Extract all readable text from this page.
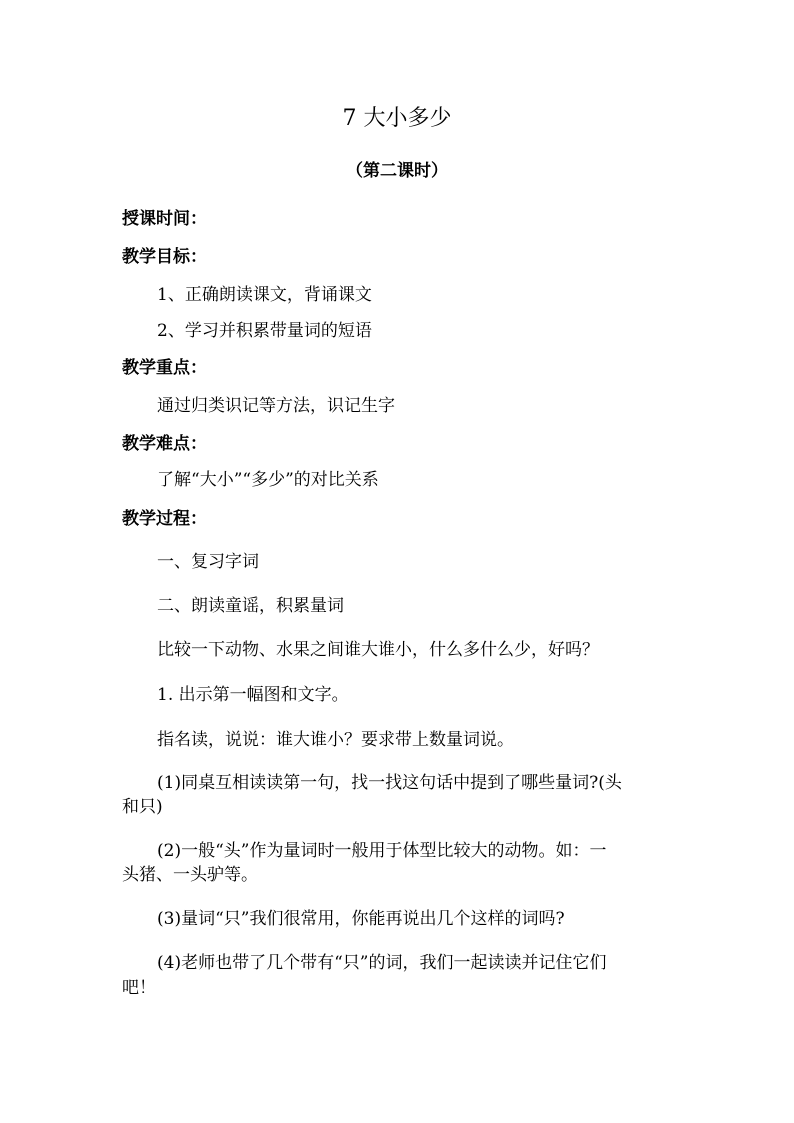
7 大小多少
（第二课时）
授课时间：
教学目标：
1、正确朗读课文，背诵课文
2、学习并积累带量词的短语
教学重点：
通过归类识记等方法，识记生字
教学难点：
了解“大小”“多少”的对比关系
教学过程：
一、复习字词
二、朗读童谣，积累量词
比较一下动物、水果之间谁大谁小，什么多什么少，好吗？
1. 出示第一幅图和文字。
指名读，说说：谁大谁小？要求带上数量词说。
(1)同桌互相读读第一句，找一找这句话中提到了哪些量词?(头
和只)
(2)一般“头”作为量词时一般用于体型比较大的动物。如：一
头猪、一头驴等。
(3)量词“只”我们很常用，你能再说出几个这样的词吗?
(4)老师也带了几个带有“只”的词，我们一起读读并记住它们
吧！
